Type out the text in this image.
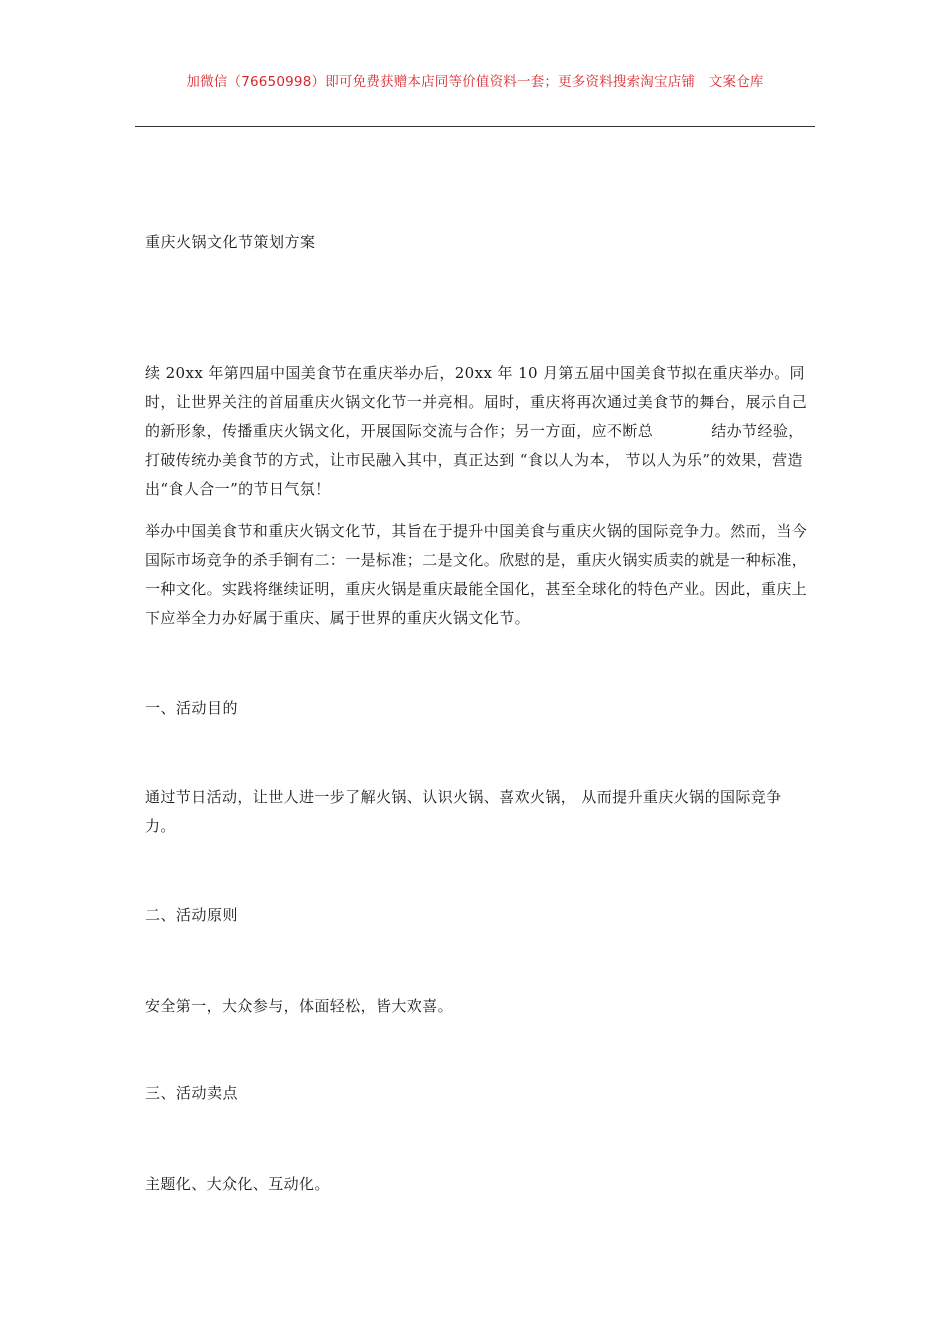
加微信（76650998）即可免费获赠本店同等价值资料一套；更多资料搜索淘宝店铺　文案仓库
重庆火锅文化节策划方案

续 20xx 年第四届中国美食节在重庆举办后，20xx 年 10 月第五届中国美食节拟在重庆举办。同时，让世界关注的首届重庆火锅文化节一并亮相。届时，重庆将再次通过美食节的舞台，展示自己的新形象，传播重庆火锅文化，开展国际交流与合作；另一方面，应不断总	结办节经验，打破传统办美食节的方式，让市民融入其中，真正达到 “食以人为本， 节以人为乐”的效果，营造出“食人合一”的节日气氛！

举办中国美食节和重庆火锅文化节，其旨在于提升中国美食与重庆火锅的国际竞争力。然而，当今国际市场竞争的杀手锏有二：一是标准；二是文化。欣慰的是，重庆火锅实质卖的就是一种标准，一种文化。实践将继续证明，重庆火锅是重庆最能全国化，甚至全球化的特色产业。因此，重庆上下应举全力办好属于重庆、属于世界的重庆火锅文化节。

一、活动目的

通过节日活动，让世人进一步了解火锅、认识火锅、喜欢火锅， 从而提升重庆火锅的国际竞争力。

二、活动原则

安全第一，大众参与，体面轻松，皆大欢喜。

三、活动卖点

主题化、大众化、互动化。
